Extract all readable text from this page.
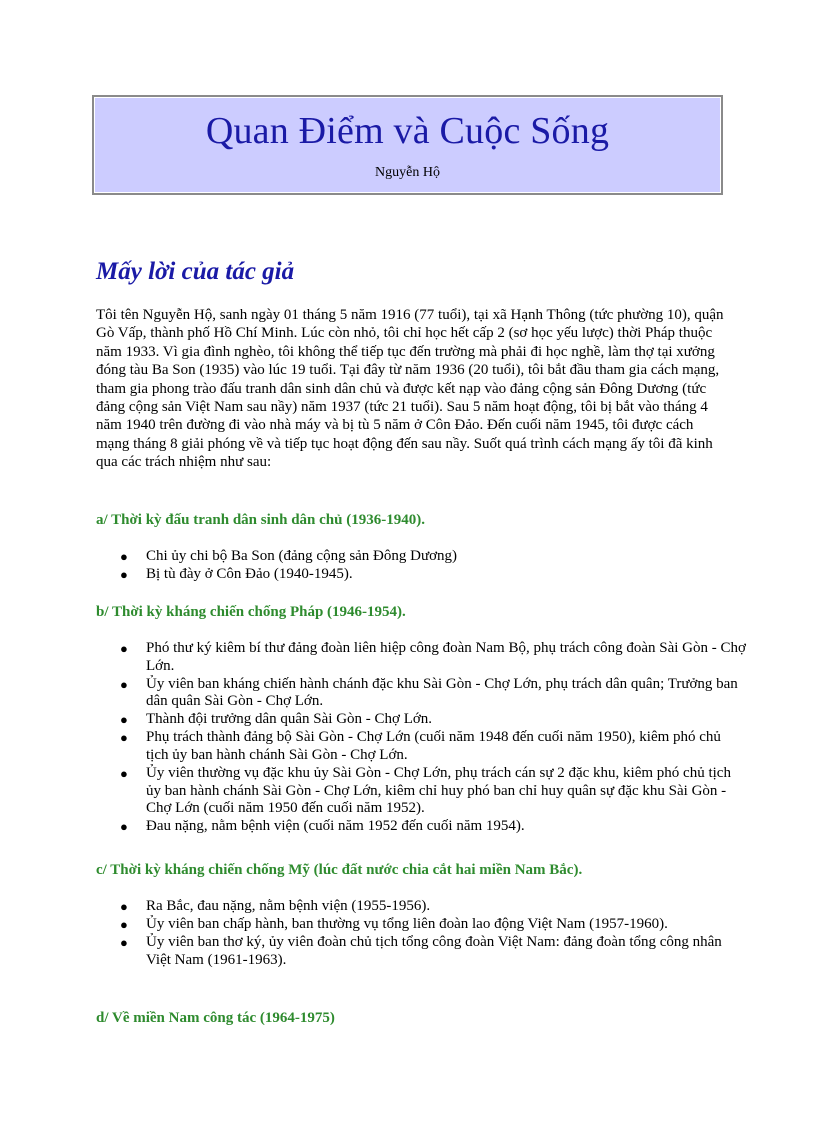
Quan Điểm và Cuộc Sống
Nguyễn Hộ
Mấy lời của tác giả

Tôi tên Nguyễn Hộ, sanh ngày 01 tháng 5 năm 1916 (77 tuổi), tại xã Hạnh Thông (tức phường 10), quận Gò Vấp, thành phố Hồ Chí Minh. Lúc còn nhỏ, tôi chỉ học hết cấp 2 (sơ học yếu lược) thời Pháp thuộc năm 1933. Vì gia đình nghèo, tôi không thể tiếp tục đến trường mà phải đi học nghề, làm thợ tại xưởng đóng tàu Ba Son (1935) vào lúc 19 tuổi. Tại đây từ năm 1936 (20 tuổi), tôi bắt đầu tham gia cách mạng, tham gia phong trào đấu tranh dân sinh dân chủ và được kết nạp vào đảng cộng sản Đông Dương (tức đảng cộng sản Việt Nam sau nầy) năm 1937 (tức 21 tuổi). Sau 5 năm hoạt động, tôi bị bắt vào tháng 4 năm 1940 trên đường đi vào nhà máy và bị tù 5 năm ở Côn Đảo. Đến cuối năm 1945, tôi được cách mạng tháng 8 giải phóng về và tiếp tục hoạt động đến sau nầy. Suốt quá trình cách mạng ấy tôi đã kinh qua các trách nhiệm như sau:

a/ Thời kỳ đấu tranh dân sinh dân chủ (1936-1940).
● Chi ủy chi bộ Ba Son (đảng cộng sản Đông Dương)
● Bị tù đày ở Côn Đảo (1940-1945).
b/ Thời kỳ kháng chiến chống Pháp (1946-1954).
● Phó thư ký kiêm bí thư đảng đoàn liên hiệp công đoàn Nam Bộ, phụ trách công đoàn Sài Gòn - Chợ Lớn.
● Ủy viên ban kháng chiến hành chánh đặc khu Sài Gòn - Chợ Lớn, phụ trách dân quân; Trưởng ban dân quân Sài Gòn - Chợ Lớn.
● Thành đội trưởng dân quân Sài Gòn - Chợ Lớn.
● Phụ trách thành đảng bộ Sài Gòn - Chợ Lớn (cuối năm 1948 đến cuối năm 1950), kiêm phó chủ tịch ủy ban hành chánh Sài Gòn - Chợ Lớn.
● Ủy viên thường vụ đặc khu ủy Sài Gòn - Chợ Lớn, phụ trách cán sự 2 đặc khu, kiêm phó chủ tịch ủy ban hành chánh Sài Gòn - Chợ Lớn, kiêm chỉ huy phó ban chỉ huy quân sự đặc khu Sài Gòn - Chợ Lớn (cuối năm 1950 đến cuối năm 1952).
● Đau nặng, nằm bệnh viện (cuối năm 1952 đến cuối năm 1954).
c/ Thời kỳ kháng chiến chống Mỹ (lúc đất nước chia cắt hai miền Nam Bắc).
● Ra Bắc, đau nặng, nằm bệnh viện (1955-1956).
● Ủy viên ban chấp hành, ban thường vụ tổng liên đoàn lao động Việt Nam (1957-1960).
● Ủy viên ban thơ ký, ủy viên đoàn chủ tịch tổng công đoàn Việt Nam: đảng đoàn tổng công nhân Việt Nam (1961-1963).
d/ Về miền Nam công tác (1964-1975)
